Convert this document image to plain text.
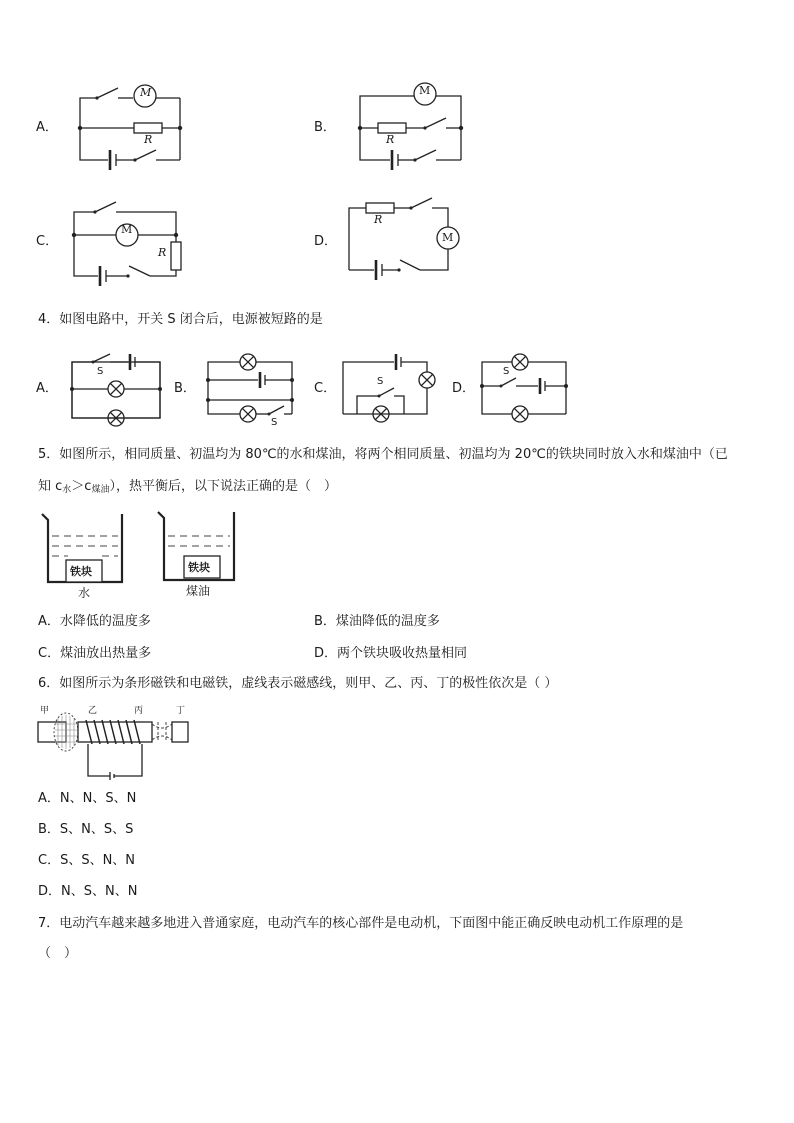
A．
M
R
B．
M
R
C．
M
R
D．
R
M
4．如图电路中，开关 S 闭合后，电源被短路的是
A．	B．	C．	D．
S
S
S
S
5．如图所示，相同质量、初温均为 80℃的水和煤油，将两个相同质量、初温均为 20℃的铁块同时放入水和煤油中（已
知 $c_水>c_{煤油}$），热平衡后，以下说法正确的是（　）
铁块	铁块
水	煤油
A．水降低的温度多	B．煤油降低的温度多
C．煤油放出热量多	D．两个铁块吸收热量相同
6．如图所示为条形磁铁和电磁铁，虚线表示磁感线，则甲、乙、丙、丁的极性依次是（ ）
甲	乙	丙	丁
A．N、N、S、N
B．S、N、S、S
C．S、S、N、N
D．N、S、N、N
7．电动汽车越来越多地进入普通家庭，电动汽车的核心部件是电动机，下面图中能正确反映电动机工作原理的是
（　）
